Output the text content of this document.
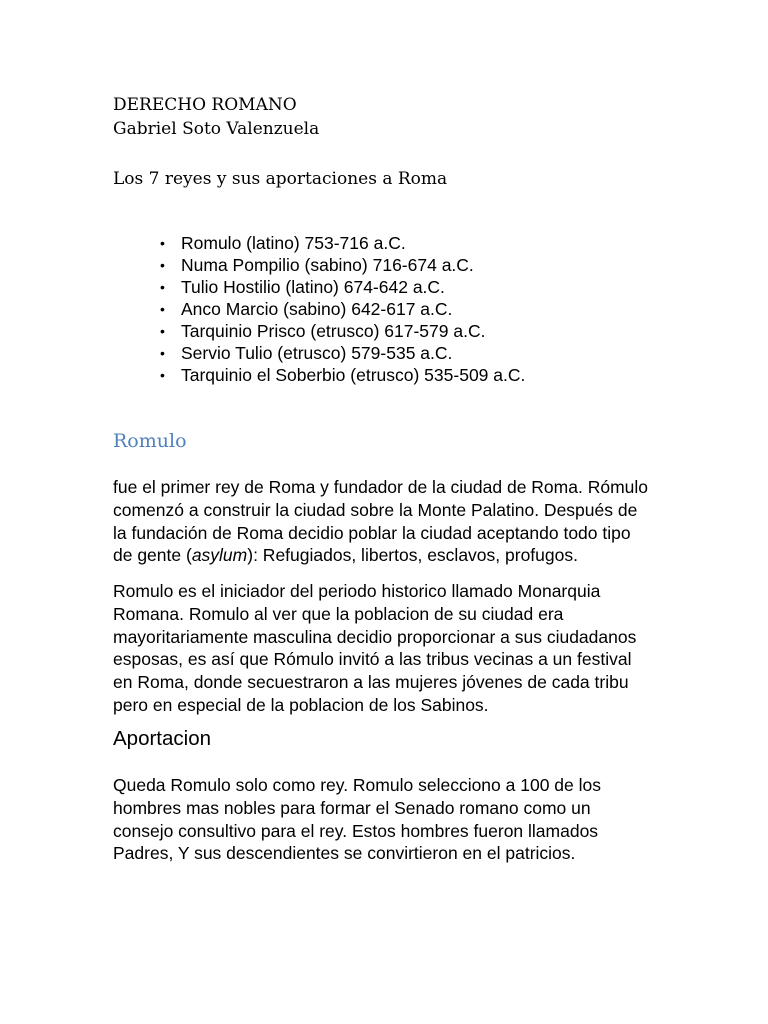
DERECHO ROMANO
Gabriel Soto Valenzuela
Los 7 reyes y sus aportaciones a Roma
• Romulo (latino) 753-716 a.C.
• Numa Pompilio (sabino) 716-674 a.C.
• Tulio Hostilio (latino) 674-642 a.C.
• Anco Marcio (sabino) 642-617 a.C.
• Tarquinio Prisco (etrusco) 617-579 a.C.
• Servio Tulio (etrusco) 579-535 a.C.
• Tarquinio el Soberbio (etrusco) 535-509 a.C.
Romulo

fue el primer rey de Roma y fundador de la ciudad de Roma. Rómulo
comenzó a construir la ciudad sobre la Monte Palatino. Después de
la fundación de Roma decidio poblar la ciudad aceptando todo tipo
de gente (asylum): Refugiados, libertos, esclavos, profugos.

Romulo es el iniciador del periodo historico llamado Monarquia
Romana. Romulo al ver que la poblacion de su ciudad era
mayoritariamente masculina decidio proporcionar a sus ciudadanos
esposas, es así que Rómulo invitó a las tribus vecinas a un festival
en Roma, donde secuestraron a las mujeres jóvenes de cada tribu
pero en especial de la poblacion de los Sabinos.

Aportacion

Queda Romulo solo como rey. Romulo selecciono a 100 de los
hombres mas nobles para formar el Senado romano como un
consejo consultivo para el rey. Estos hombres fueron llamados
Padres, Y sus descendientes se convirtieron en el patricios.
